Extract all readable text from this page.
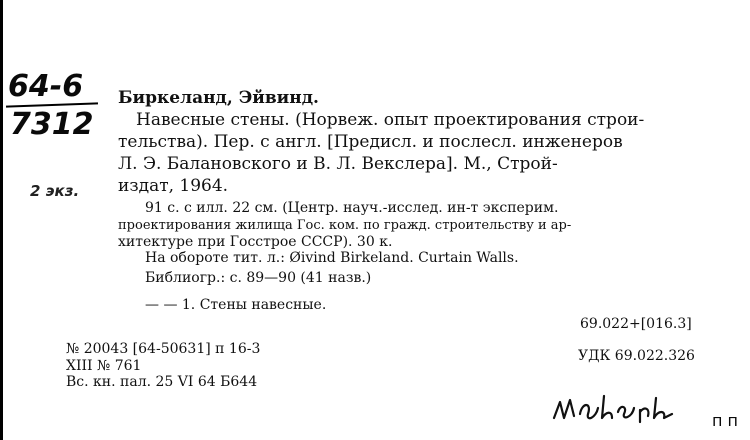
64-6
7312
2 экз.
Биркеланд, Эйвинд.
Навесные стены. (Норвеж. опыт проектирования строи-
тельства). Пер. с англ. [Предисл. и послесл. инженеров
Л. Э. Балановского и В. Л. Векслера]. М., Строй-
издат, 1964.
91 с. с илл. 22 см. (Центр. науч.-исслед. ин-т эксперим.
проектирования жилища Гос. ком. по гражд. строительству и ар-
хитектуре при Госстрое СССР). 30 к.
На обороте тит. л.: Øivind Birkeland. Curtain Walls.
Библиогр.: с. 89—90 (41 назв.)
— — 1. Стены навесные.
69.022+[016.3]
УДК 69.022.326
№ 20043 [64-50631] п 16-3
XIII № 761
Вс. кн. пал. 25 VI 64 Б644
п п
